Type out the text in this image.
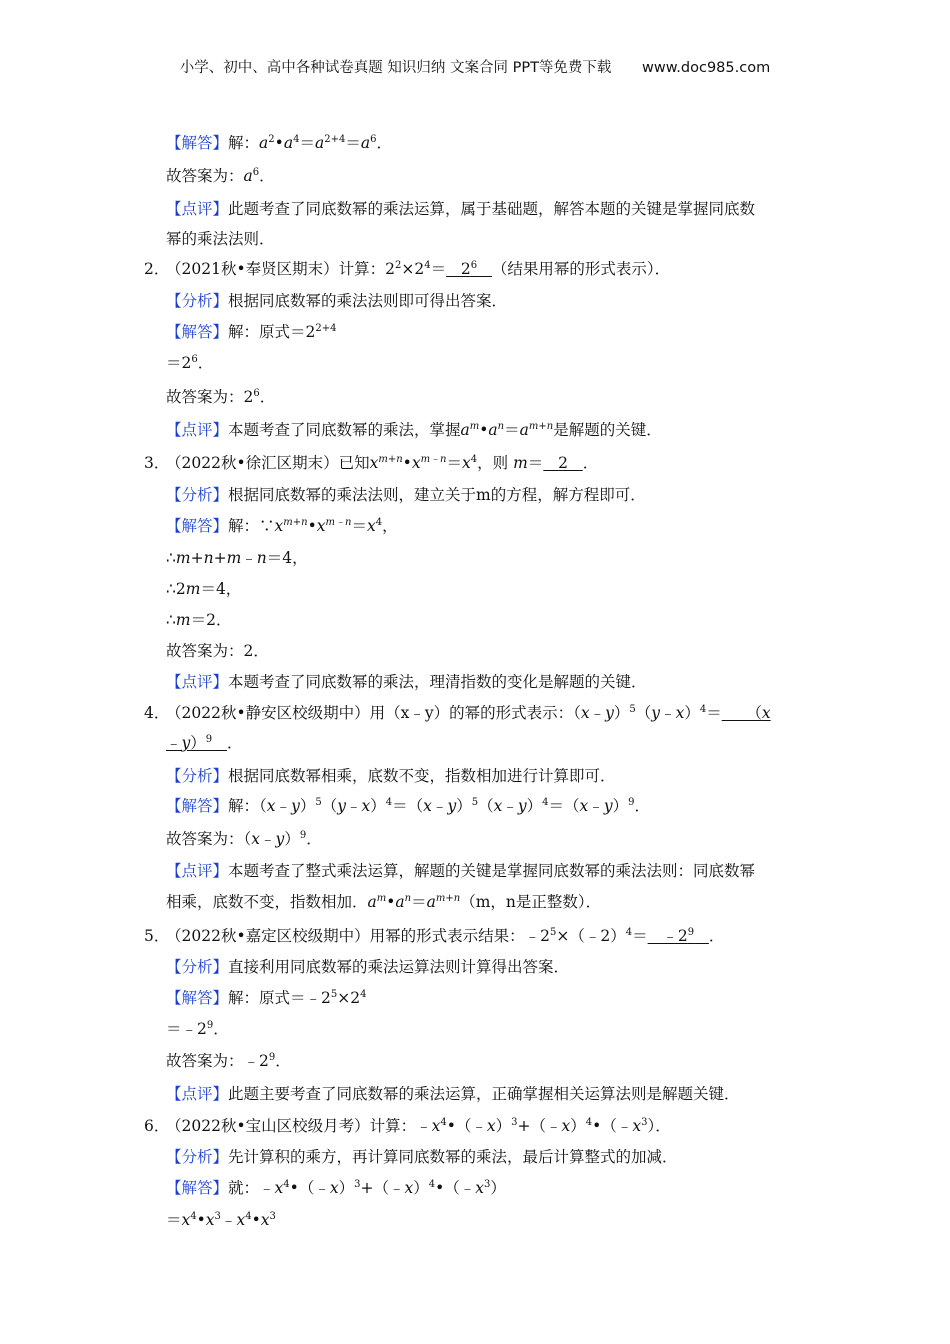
小学、初中、高中各种试卷真题 知识归纳 文案合同 PPT等免费下载 www.doc985.com
【解答】解：$a^2•a^4=a^{2+4}=a^6$．
故答案为：$a^6$．
【点评】此题考查了同底数幂的乘法运算，属于基础题，解答本题的关键是掌握同底数
幂的乘法法则．
2．
（2021秋•奉贤区期末）计算：$2^2\times 2^4= 2^6$ （结果用幂的形式表示）．
【分析】根据同底数幂的乘法法则即可得出答案．
【解答】解：原式$=2^{2+4}$
$=2^6$．
故答案为：$2^6$．
【点评】本题考查了同底数幂的乘法，掌握$a^m•a^n=a^{m+n}$是解题的关键．
3．
（2022秋•徐汇区期末）已知$x^{m+n}•x^{m﹣n}=x^4$，则 m＝ 2 ．
【分析】根据同底数幂的乘法法则，建立关于m的方程，解方程即可．
【解答】解：$\because x^{m+n}•x^{m﹣n}=x^4$，
∴m+n+m﹣n＝4，
∴2m＝4，
∴m＝2．
故答案为：2．
【点评】本题考查了同底数幂的乘法，理清指数的变化是解题的关键．
4．
（2022秋•静安区校级期中）用（x﹣y）的幂的形式表示：（x﹣y）$^5$（y﹣x）$^4$＝     （x
﹣y）$^9$ ．
【分析】根据同底数幂相乘，底数不变，指数相加进行计算即可．
【解答】解：（x﹣y）$^5$（y﹣x）$^4$＝（x﹣y）$^5$（x﹣y）$^4$＝（x﹣y）$^9$．
故答案为：（x﹣y）$^9$．
【点评】本题考查了整式乘法运算，解题的关键是掌握同底数幂的乘法法则：同底数幂
相乘，底数不变，指数相加．$a^m•a^n=a^{m+n}(m$，n是正整数）．
5．
（2022秋•嘉定区校级期中）用幂的形式表示结果：$﹣2^5\times(﹣2)^4=$   $﹣2^9$ ．
【分析】直接利用同底数幂的乘法运算法则计算得出答案．
【解答】解：原式$=﹣2^5\times 2^4$
$=﹣2^9$．
故答案为：$﹣2^9$．
【点评】此题主要考查了同底数幂的乘法运算，正确掌握相关运算法则是解题关键．
6．
（2022秋•宝山区校级月考）计算：$﹣x^4•(﹣x)^3+(﹣x)^4•(﹣x^3)$．
【分析】先计算积的乘方，再计算同底数幂的乘法，最后计算整式的加减．
【解答】就：$﹣x^4•(﹣x)^3+(﹣x)^4•(﹣x^3)$
$=x^4•x^3﹣x^4•x^3$
